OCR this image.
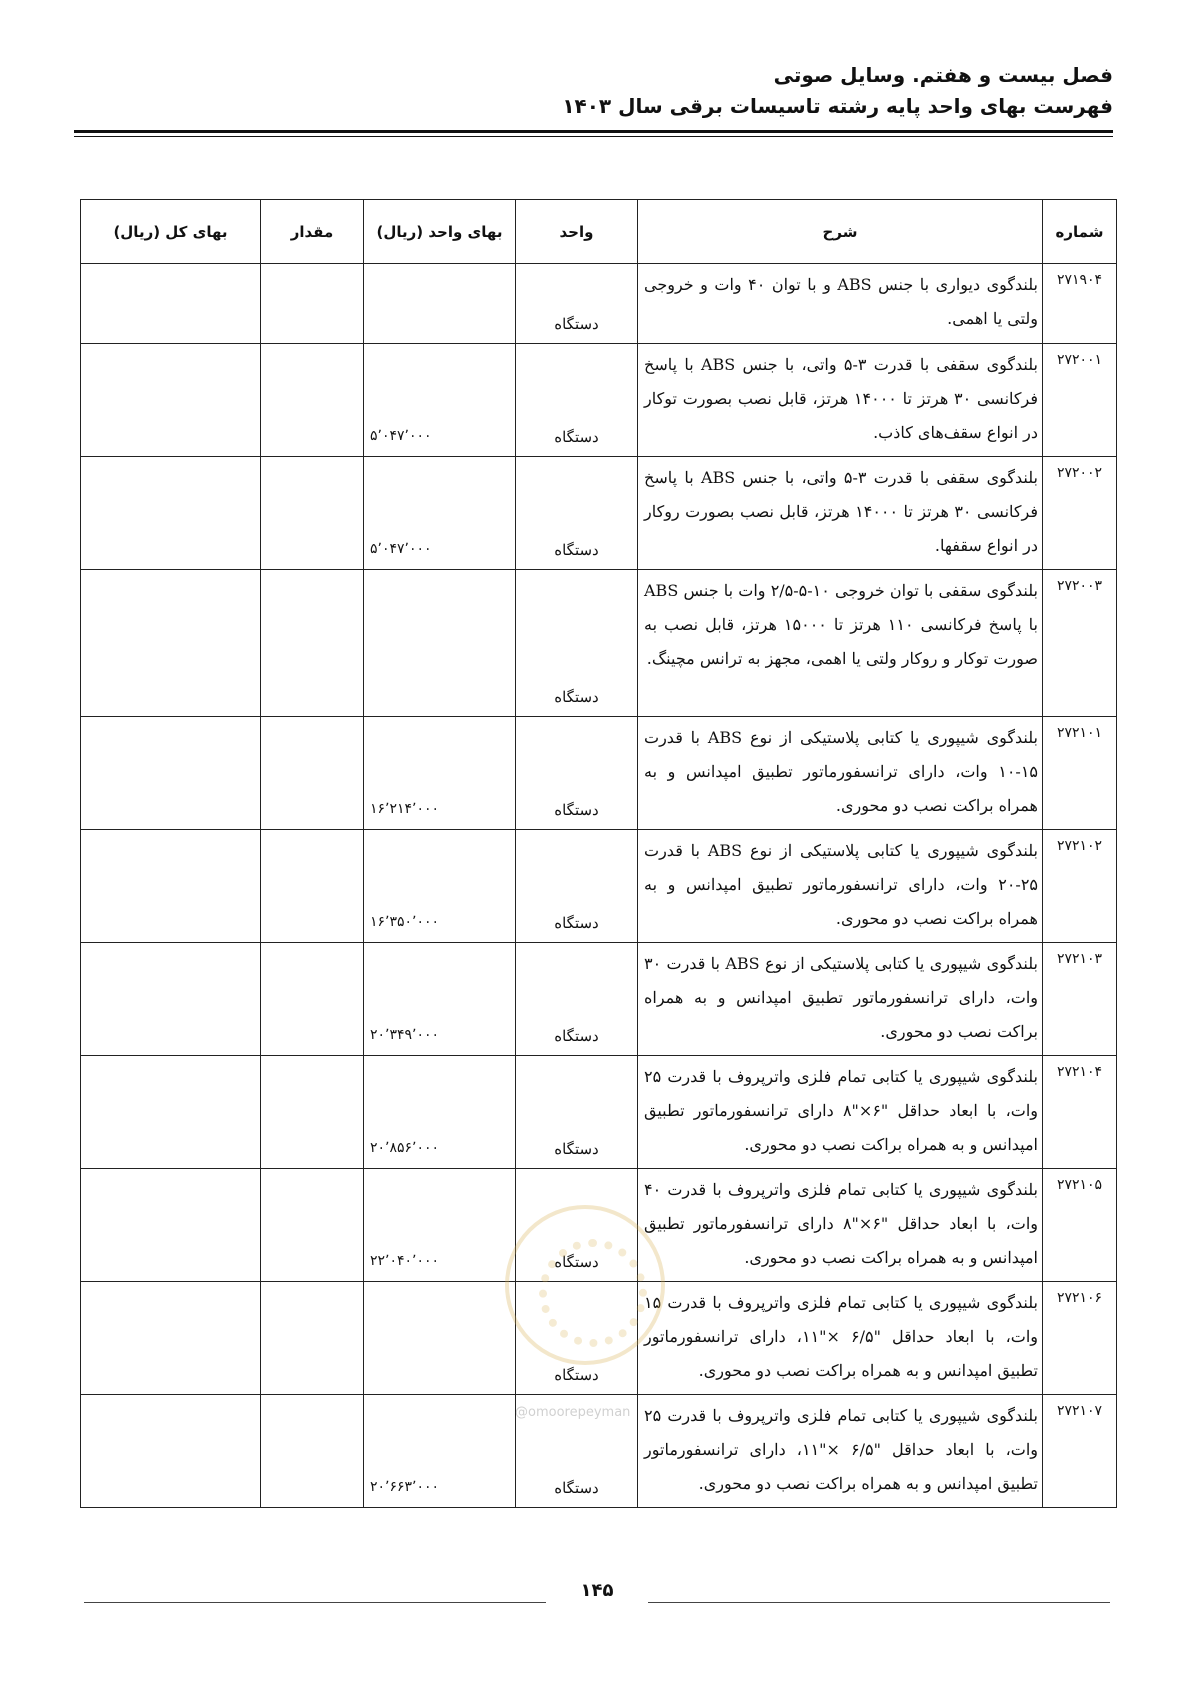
فصل بیست و هفتم. وسایل صوتی
فهرست بهای واحد پایه رشته تاسیسات برقی سال ۱۴۰۳
شماره	شرح	واحد	بهای واحد (ریال)	مقدار	بهای کل (ریال)
۲۷۱۹۰۴	بلندگوی دیواری با جنس ABS و با توان ۴۰ وات و خروجی ولتی یا اهمی.	دستگاه			
۲۷۲۰۰۱	بلندگوی سقفی با قدرت ۳-۵ واتی، با جنس ABS با پاسخ فرکانسی ۳۰ هرتز تا ۱۴۰۰۰ هرتز، قابل نصب بصورت توکار در انواع سقف‌های کاذب.	دستگاه	۵٬۰۴۷٬۰۰۰		
۲۷۲۰۰۲	بلندگوی سقفی با قدرت ۳-۵ واتی، با جنس ABS با پاسخ فرکانسی ۳۰ هرتز تا ۱۴۰۰۰ هرتز، قابل نصب بصورت روکار در انواع سقفها.	دستگاه	۵٬۰۴۷٬۰۰۰		
۲۷۲۰۰۳	بلندگوی سقفی با توان خروجی ۱۰-۵-۲/۵ وات با جنس ABS با پاسخ فرکانسی ۱۱۰ هرتز تا ۱۵۰۰۰ هرتز، قابل نصب به صورت توکار و روکار ولتی یا اهمی، مجهز به ترانس مچینگ.	دستگاه			
۲۷۲۱۰۱	بلندگوی شیپوری یا کتابی پلاستیکی از نوع ABS با قدرت ۱۵-۱۰ وات، دارای ترانسفورماتور تطبیق امپدانس و به همراه براکت نصب دو محوری.	دستگاه	۱۶٬۲۱۴٬۰۰۰		
۲۷۲۱۰۲	بلندگوی شیپوری یا کتابی پلاستیکی از نوع ABS با قدرت ۲۵-۲۰ وات، دارای ترانسفورماتور تطبیق امپدانس و به همراه براکت نصب دو محوری.	دستگاه	۱۶٬۳۵۰٬۰۰۰		
۲۷۲۱۰۳	بلندگوی شیپوری یا کتابی پلاستیکی از نوع ABS با قدرت ۳۰ وات، دارای ترانسفورماتور تطبیق امپدانس و به همراه براکت نصب دو محوری.	دستگاه	۲۰٬۳۴۹٬۰۰۰		
۲۷۲۱۰۴	بلندگوی شیپوری یا کتابی تمام فلزی واترپروف با قدرت ۲۵ وات، با ابعاد حداقل "۶×"۸ دارای ترانسفورماتور تطبیق امپدانس و به همراه براکت نصب دو محوری.	دستگاه	۲۰٬۸۵۶٬۰۰۰		
۲۷۲۱۰۵	بلندگوی شیپوری یا کتابی تمام فلزی واترپروف با قدرت ۴۰ وات، با ابعاد حداقل "۶×"۸ دارای ترانسفورماتور تطبیق امپدانس و به همراه براکت نصب دو محوری.	دستگاه	۲۲٬۰۴۰٬۰۰۰		
۲۷۲۱۰۶	بلندگوی شیپوری یا کتابی تمام فلزی واترپروف با قدرت ۱۵ وات، با ابعاد حداقل "۶/۵ ×"۱۱، دارای ترانسفورماتور تطبیق امپدانس و به همراه براکت نصب دو محوری.	دستگاه			
۲۷۲۱۰۷	بلندگوی شیپوری یا کتابی تمام فلزی واترپروف با قدرت ۲۵ وات، با ابعاد حداقل "۶/۵ ×"۱۱، دارای ترانسفورماتور تطبیق امپدانس و به همراه براکت نصب دو محوری.	دستگاه	۲۰٬۶۶۳٬۰۰۰		
@omoorepeyman
۱۴۵
